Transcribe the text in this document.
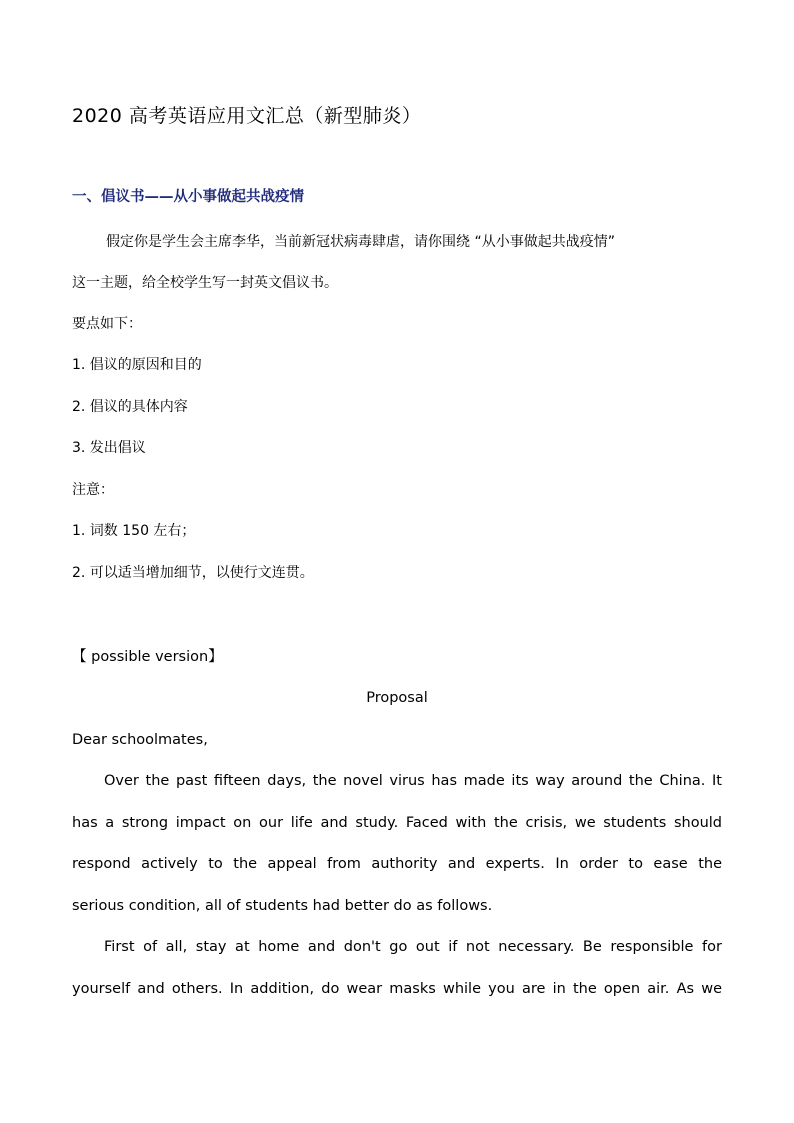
2020 高考英语应用文汇总（新型肺炎）
一、倡议书——从小事做起共战疫情
假定你是学生会主席李华，当前新冠状病毒肆虐，请你围绕 “从小事做起共战疫情”
这一主题，给全校学生写一封英文倡议书。
要点如下：
1. 倡议的原因和目的
2. 倡议的具体内容
3. 发出倡议
注意：
1. 词数 150 左右；
2. 可以适当增加细节，以使行文连贯。
【 possible version】
Proposal
Dear schoolmates,
Over the past fifteen days, the novel virus has made its way around the China. It
has a strong impact on our life and study. Faced with the crisis, we students should
respond actively to the appeal from authority and experts. In order to ease the
serious condition, all of students had better do as follows.
First of all, stay at home and don't go out if not necessary. Be responsible for
yourself and others. In addition, do wear masks while you are in the open air. As we
